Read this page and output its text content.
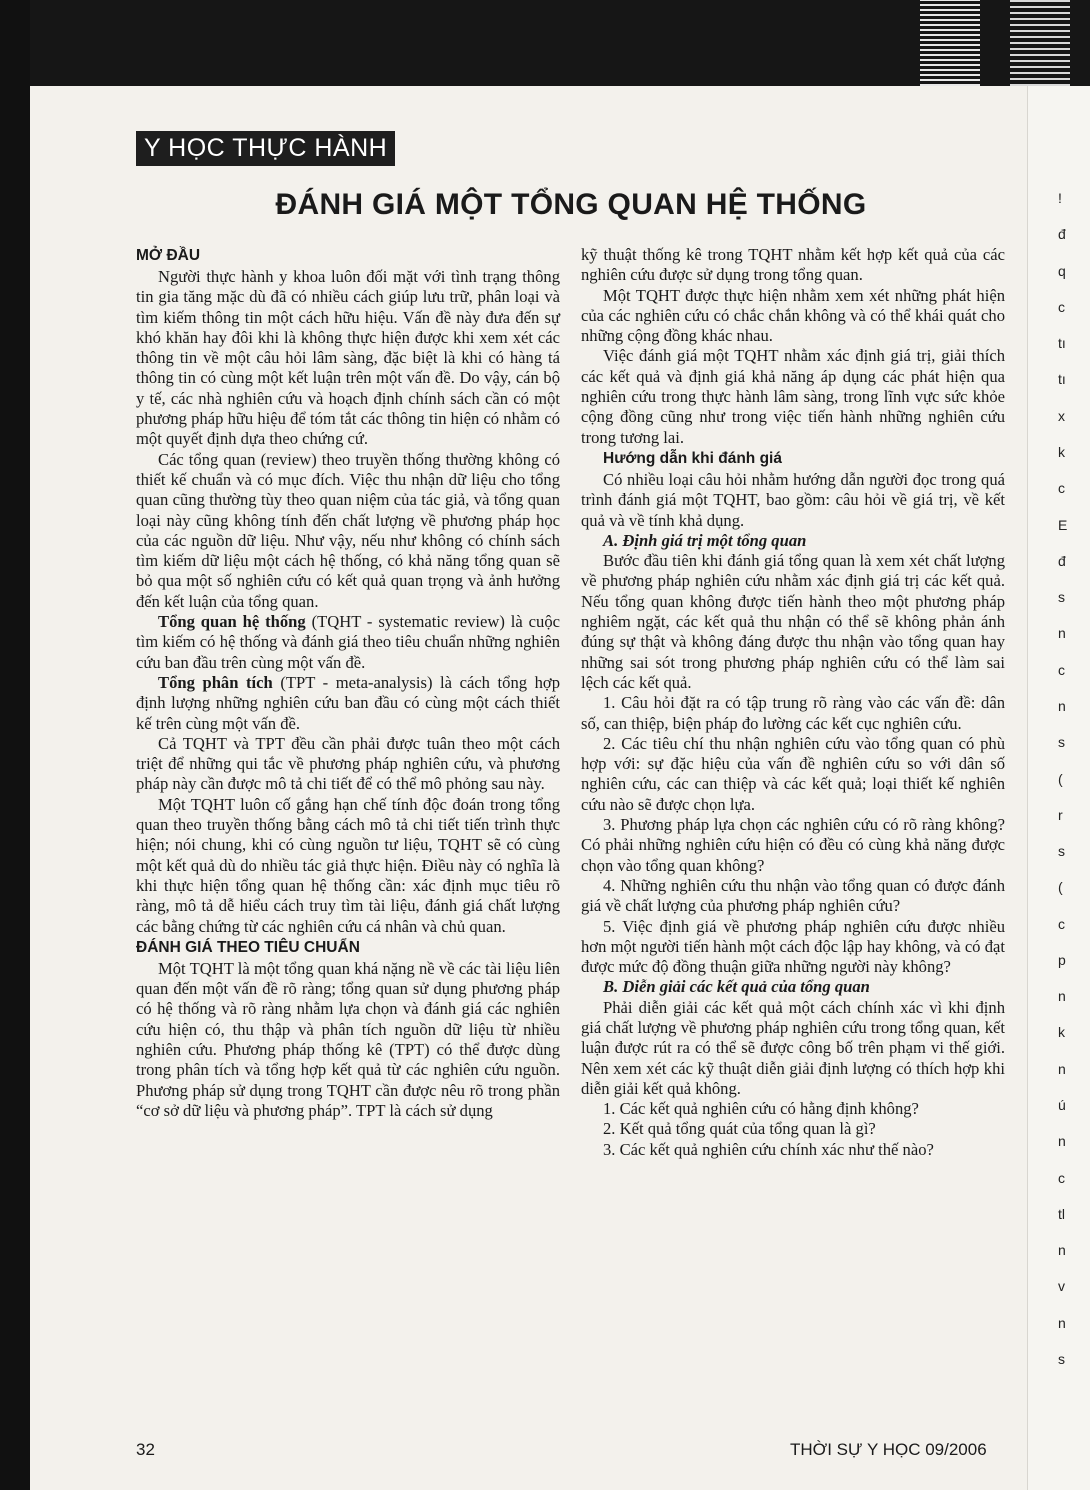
!
đ
q
c
tı
tı
x
k
c
E
đ
s
n
c
n
s
(
r
s
(
c
p
n
k
n
ú
n
c
tl
n
v
n
s
Y HỌC THỰC HÀNH
ĐÁNH GIÁ MỘT TỔNG QUAN HỆ THỐNG
MỞ ĐẦU

Người thực hành y khoa luôn đối mặt với tình trạng thông tin gia tăng mặc dù đã có nhiều cách giúp lưu trữ, phân loại và tìm kiếm thông tin một cách hữu hiệu. Vấn đề này đưa đến sự khó khăn hay đôi khi là không thực hiện được khi xem xét các thông tin về một câu hỏi lâm sàng, đặc biệt là khi có hàng tá thông tin có cùng một kết luận trên một vấn đề. Do vậy, cán bộ y tế, các nhà nghiên cứu và hoạch định chính sách cần có một phương pháp hữu hiệu để tóm tắt các thông tin hiện có nhằm có một quyết định dựa theo chứng cứ.

Các tổng quan (review) theo truyền thống thường không có thiết kế chuẩn và có mục đích. Việc thu nhận dữ liệu cho tổng quan cũng thường tùy theo quan niệm của tác giả, và tổng quan loại này cũng không tính đến chất lượng về phương pháp học của các nguồn dữ liệu. Như vậy, nếu như không có chính sách tìm kiếm dữ liệu một cách hệ thống, có khả năng tổng quan sẽ bỏ qua một số nghiên cứu có kết quả quan trọng và ảnh hưởng đến kết luận của tổng quan.

Tổng quan hệ thống (TQHT - systematic review) là cuộc tìm kiếm có hệ thống và đánh giá theo tiêu chuẩn những nghiên cứu ban đầu trên cùng một vấn đề.

Tổng phân tích (TPT - meta-analysis) là cách tổng hợp định lượng những nghiên cứu ban đầu có cùng một cách thiết kế trên cùng một vấn đề.

Cả TQHT và TPT đều cần phải được tuân theo một cách triệt để những qui tắc về phương pháp nghiên cứu, và phương pháp này cần được mô tả chi tiết để có thể mô phỏng sau này.

Một TQHT luôn cố gắng hạn chế tính độc đoán trong tổng quan theo truyền thống bằng cách mô tả chi tiết tiến trình thực hiện; nói chung, khi có cùng nguồn tư liệu, TQHT sẽ có cùng một kết quả dù do nhiều tác giả thực hiện. Điều này có nghĩa là khi thực hiện tổng quan hệ thống cần: xác định mục tiêu rõ ràng, mô tả dễ hiểu cách truy tìm tài liệu, đánh giá chất lượng các bằng chứng từ các nghiên cứu cá nhân và chủ quan.

ĐÁNH GIÁ THEO TIÊU CHUẨN

Một TQHT là một tổng quan khá nặng nề về các tài liệu liên quan đến một vấn đề rõ ràng; tổng quan sử dụng phương pháp có hệ thống và rõ ràng nhằm lựa chọn và đánh giá các nghiên cứu hiện có, thu thập và phân tích nguồn dữ liệu từ nhiều nghiên cứu. Phương pháp thống kê (TPT) có thể được dùng trong phân tích và tổng hợp kết quả từ các nghiên cứu nguồn. Phương pháp sử dụng trong TQHT cần được nêu rõ trong phần “cơ sở dữ liệu và phương pháp”. TPT là cách sử dụng

kỹ thuật thống kê trong TQHT nhằm kết hợp kết quả của các nghiên cứu được sử dụng trong tổng quan.

Một TQHT được thực hiện nhằm xem xét những phát hiện của các nghiên cứu có chắc chắn không và có thể khái quát cho những cộng đồng khác nhau.

Việc đánh giá một TQHT nhằm xác định giá trị, giải thích các kết quả và định giá khả năng áp dụng các phát hiện qua nghiên cứu trong thực hành lâm sàng, trong lĩnh vực sức khỏe cộng đồng cũng như trong việc tiến hành những nghiên cứu trong tương lai.

Hướng dẫn khi đánh giá

Có nhiều loại câu hỏi nhằm hướng dẫn người đọc trong quá trình đánh giá một TQHT, bao gồm: câu hỏi về giá trị, về kết quả và về tính khả dụng.

A. Định giá trị một tổng quan

Bước đầu tiên khi đánh giá tổng quan là xem xét chất lượng về phương pháp nghiên cứu nhằm xác định giá trị các kết quả. Nếu tổng quan không được tiến hành theo một phương pháp nghiêm ngặt, các kết quả thu nhận có thể sẽ không phản ánh đúng sự thật và không đáng được thu nhận vào tổng quan hay những sai sót trong phương pháp nghiên cứu có thể làm sai lệch các kết quả.

1. Câu hỏi đặt ra có tập trung rõ ràng vào các vấn đề: dân số, can thiệp, biện pháp đo lường các kết cục nghiên cứu.

2. Các tiêu chí thu nhận nghiên cứu vào tổng quan có phù hợp với: sự đặc hiệu của vấn đề nghiên cứu so với dân số nghiên cứu, các can thiệp và các kết quả; loại thiết kế nghiên cứu nào sẽ được chọn lựa.

3. Phương pháp lựa chọn các nghiên cứu có rõ ràng không? Có phải những nghiên cứu hiện có đều có cùng khả năng được chọn vào tổng quan không?

4. Những nghiên cứu thu nhận vào tổng quan có được đánh giá về chất lượng của phương pháp nghiên cứu?

5. Việc định giá về phương pháp nghiên cứu được nhiều hơn một người tiến hành một cách độc lập hay không, và có đạt được mức độ đồng thuận giữa những người này không?

B. Diễn giải các kết quả của tổng quan

Phải diễn giải các kết quả một cách chính xác vì khi định giá chất lượng về phương pháp nghiên cứu trong tổng quan, kết luận được rút ra có thể sẽ được công bố trên phạm vi thế giới. Nên xem xét các kỹ thuật diễn giải định lượng có thích hợp khi diễn giải kết quả không.

1. Các kết quả nghiên cứu có hằng định không?

2. Kết quả tổng quát của tổng quan là gì?

3. Các kết quả nghiên cứu chính xác như thế nào?

32	THỜI SỰ Y HỌC 09/2006
